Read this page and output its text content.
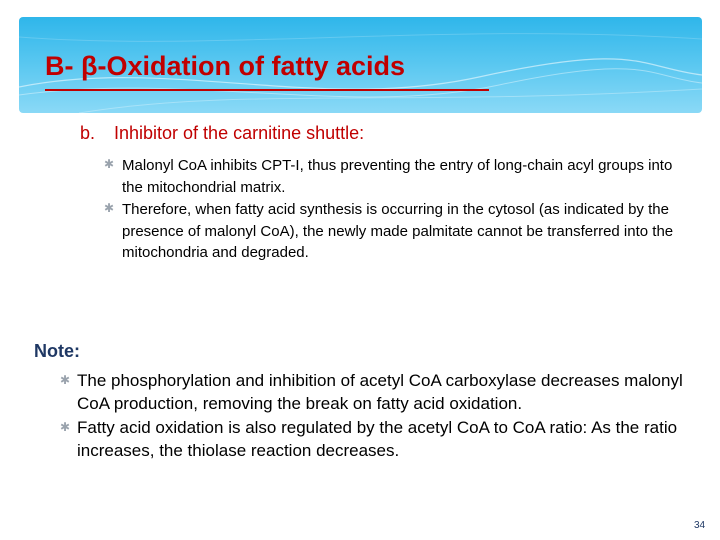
B- β-Oxidation of fatty acids

b. Inhibitor of the carnitine shuttle:

✱ Malonyl CoA inhibits CPT-I, thus preventing the entry of long-chain acyl groups into the mitochondrial matrix.
✱ Therefore, when fatty acid synthesis is occurring in the cytosol (as indicated by the presence of malonyl CoA), the newly made palmitate cannot be transferred into the mitochondria and degraded.

Note:

✱ The phosphorylation and inhibition of acetyl CoA carboxylase decreases malonyl CoA production, removing the break on fatty acid oxidation.
✱ Fatty acid oxidation is also regulated by the acetyl CoA to CoA ratio: As the ratio increases, the thiolase reaction decreases.
34
